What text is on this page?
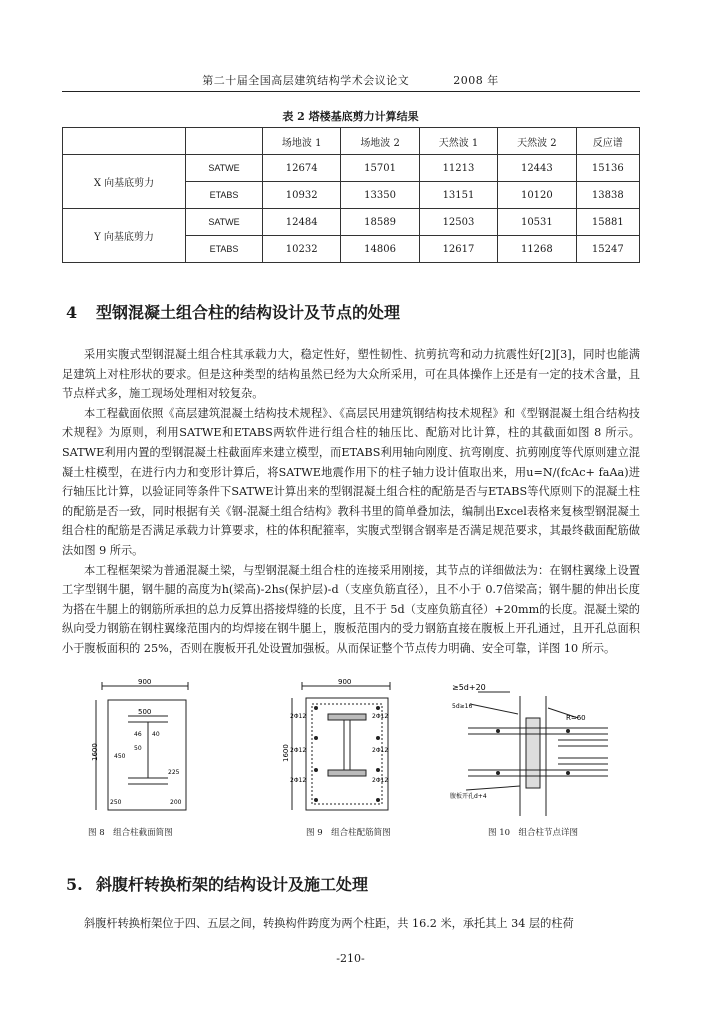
第二十届全国高层建筑结构学术会议论文	2008 年
表 2 塔楼基底剪力计算结果
		场地波 1	场地波 2	天然波 1	天然波 2	反应谱
X 向基底剪力	SATWE	12674	15701	11213	12443	15136
	ETABS	10932	13350	13151	10120	13838
Y 向基底剪力	SATWE	12484	18589	12503	10531	15881
	ETABS	10232	14806	12617	11268	15247
4 型钢混凝土组合柱的结构设计及节点的处理

采用实腹式型钢混凝土组合柱其承载力大，稳定性好，塑性韧性、抗剪抗弯和动力抗震性好[2][3]，同时也能满足建筑上对柱形状的要求。但是这种类型的结构虽然已经为大众所采用，可在具体操作上还是有一定的技术含量，且节点样式多，施工现场处理相对较复杂。

本工程截面依照《高层建筑混凝土结构技术规程》、《高层民用建筑钢结构技术规程》和《型钢混凝土组合结构技术规程》为原则，利用SATWE和ETABS两软件进行组合柱的轴压比、配筋对比计算，柱的其截面如图 8 所示。SATWE利用内置的型钢混凝土柱截面库来建立模型，而ETABS利用轴向刚度、抗弯刚度、抗剪刚度等代原则建立混凝土柱模型，在进行内力和变形计算后，将SATWE地震作用下的柱子轴力设计值取出来，用u=N/(fcAc+ faAa)进行轴压比计算，以验证同等条件下SATWE计算出来的型钢混凝土组合柱的配筋是否与ETABS等代原则下的混凝土柱的配筋是否一致，同时根据有关《钢-混凝土组合结构》教科书里的简单叠加法，编制出Excel表格来复核型钢混凝土组合柱的配筋是否满足承载力计算要求，柱的体积配箍率，实腹式型钢含钢率是否满足规范要求，其最终截面配筋做法如图 9 所示。

本工程框架梁为普通混凝土梁，与型钢混凝土组合柱的连接采用刚接，其节点的详细做法为：在钢柱翼缘上设置工字型钢牛腿，钢牛腿的高度为h(梁高)-2hs(保护层)-d（支座负筋直径），且不小于 0.7倍梁高；钢牛腿的伸出长度为搭在牛腿上的钢筋所承担的总力反算出搭接焊缝的长度，且不于 5d（支座负筋直径）+20mm的长度。混凝土梁的纵向受力钢筋在钢柱翼缘范围内的均焊接在钢牛腿上，腹板范围内的受力钢筋直接在腹板上开孔通过，且开孔总面积小于腹板面积的 25%，否则在腹板开孔处设置加强板。从而保证整个节点传力明确、安全可靠，详图 10 所示。

900
500
46 40
50
450
225
200
250
1600
900
2Φ12	2Φ12
2Φ12	2Φ12
2Φ12	2Φ12
1600
≥5d+20
5d≥16
R=60
腹板开孔d+4
图 8　组合柱截面简图	图 9　组合柱配筋简图	图 10　组合柱节点详图
5. 斜腹杆转换桁架的结构设计及施工处理

斜腹杆转换桁架位于四、五层之间，转换构件跨度为两个柱距，共 16.2 米，承托其上 34 层的柱荷

-210-
